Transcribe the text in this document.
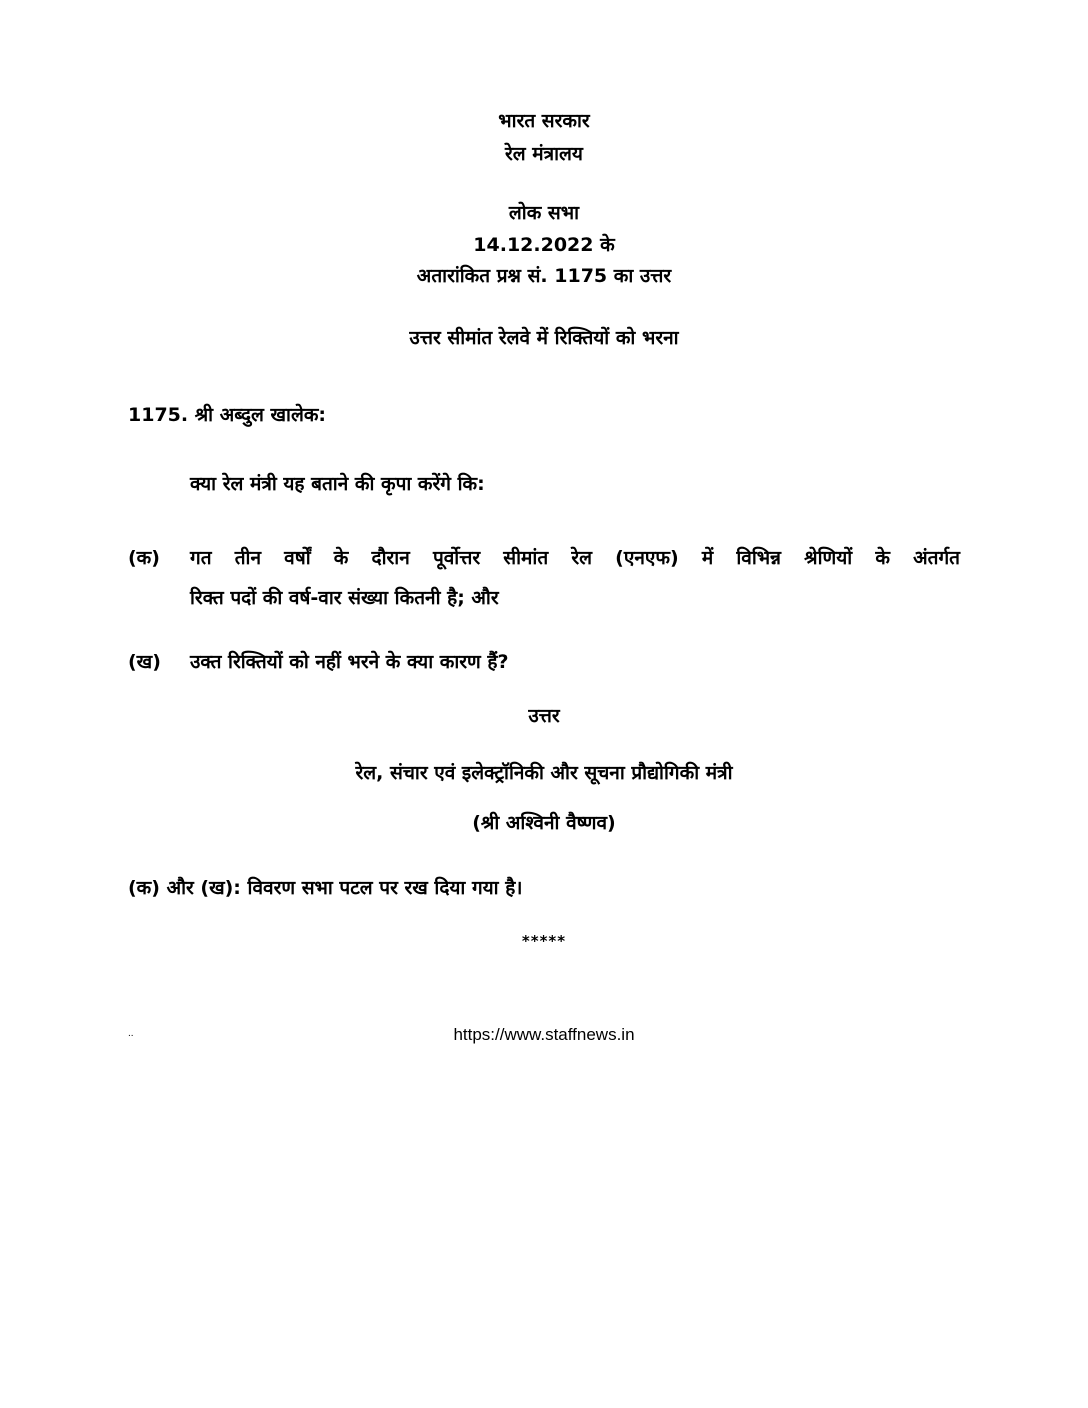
भारत सरकार
रेल मंत्रालय
लोक सभा
14.12.2022 के
अतारांकित प्रश्न सं. 1175 का उत्तर
उत्तर सीमांत रेलवे में रिक्तियों को भरना
1175. श्री अब्दुल खालेक:
क्या रेल मंत्री यह बताने की कृपा करेंगे कि:
(क) गत तीन वर्षों के दौरान पूर्वोत्तर सीमांत रेल (एनएफ) में विभिन्न श्रेणियों के अंतर्गत
रिक्त पदों की वर्ष-वार संख्या कितनी है; और
(ख) उक्त रिक्तियों को नहीं भरने के क्या कारण हैं?
उत्तर
रेल, संचार एवं इलेक्ट्रॉनिकी और सूचना प्रौद्योगिकी मंत्री
(श्री अश्विनी वैष्णव)
(क) और (ख): विवरण सभा पटल पर रख दिया गया है।
*****
..	https://www.staffnews.in
